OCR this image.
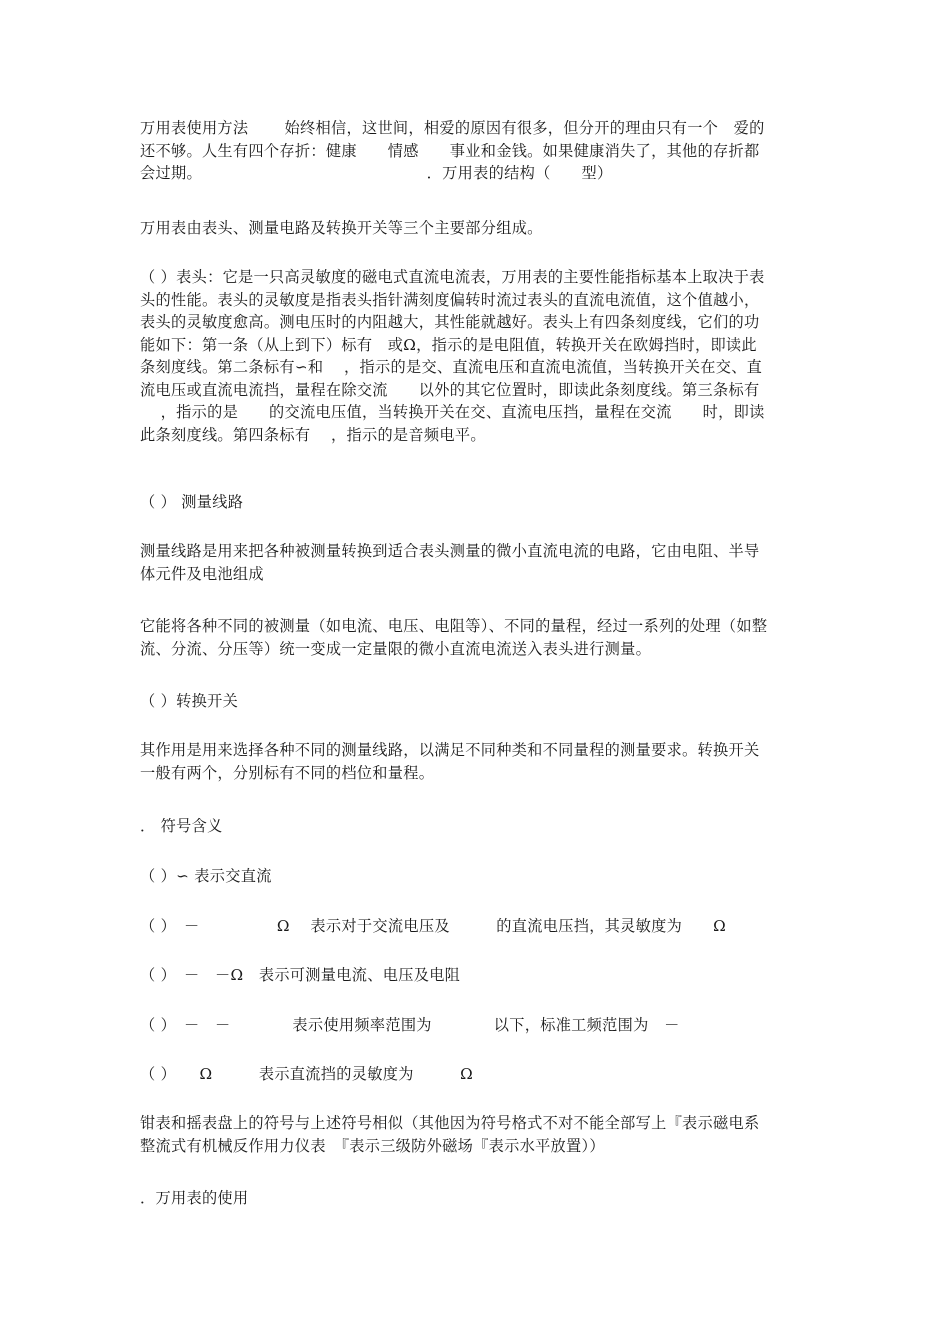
万用表使用方法　　 始终相信，这世间，相爱的原因有很多，但分开的理由只有一个　爱的
还不够。人生有四个存折：健康　　情感　　事业和金钱。如果健康消失了，其他的存折都
会过期。　　　　　　　　　　　　　　　．万用表的结构（　　型）
万用表由表头、测量电路及转换开关等三个主要部分组成。
（ ）表头：它是一只高灵敏度的磁电式直流电流表，万用表的主要性能指标基本上取决于表
头的性能。表头的灵敏度是指表头指针满刻度偏转时流过表头的直流电流值，这个值越小，
表头的灵敏度愈高。测电压时的内阻越大，其性能就越好。表头上有四条刻度线，它们的功
能如下：第一条（从上到下）标有　或Ω，指示的是电阻值，转换开关在欧姆挡时，即读此
条刻度线。第二条标有∽和　 ，指示的是交、直流电压和直流电流值，当转换开关在交、直
流电压或直流电流挡，量程在除交流　　以外的其它位置时，即读此条刻度线。第三条标有
　 ，指示的是　　的交流电压值，当转换开关在交、直流电压挡，量程在交流　　时，即读
此条刻度线。第四条标有　 ，指示的是音频电平。
（ ） 测量线路
测量线路是用来把各种被测量转换到适合表头测量的微小直流电流的电路，它由电阻、半导
体元件及电池组成
它能将各种不同的被测量（如电流、电压、电阻等）、不同的量程，经过一系列的处理（如整
流、分流、分压等）统一变成一定量限的微小直流电流送入表头进行测量。
（ ）转换开关
其作用是用来选择各种不同的测量线路，以满足不同种类和不同量程的测量要求。转换开关
一般有两个，分别标有不同的档位和量程。
． 符号含义
（ ）∽ 表示交直流
（ ）　－　　　　　Ω　 表示对于交流电压及　　　的直流电压挡，其灵敏度为　　Ω
（ ）　－　－Ω　表示可测量电流、电压及电阻
（ ）　－　－　　　　表示使用频率范围为　　　　以下，标准工频范围为　－
（ ）　　Ω　　　表示直流挡的灵敏度为　　　Ω
钳表和摇表盘上的符号与上述符号相似（其他因为符号格式不对不能全部写上『表示磁电系
整流式有机械反作用力仪表　『表示三级防外磁场『表示水平放置））
．万用表的使用
